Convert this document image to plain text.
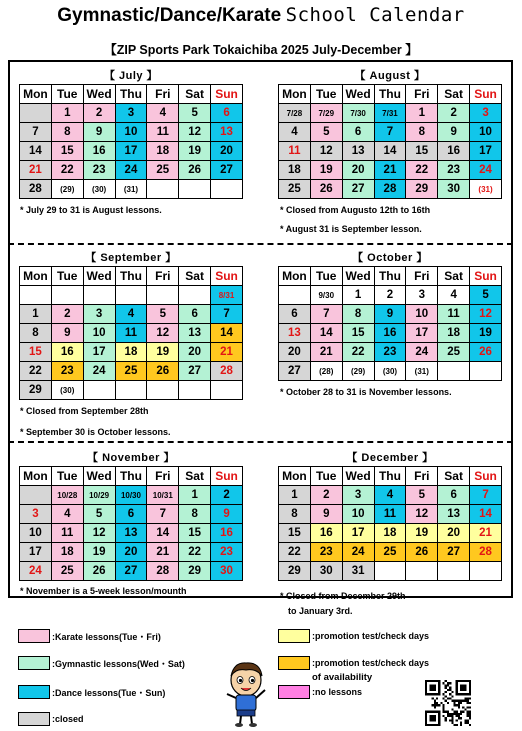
Gymnastic/Dance/Karate School Calendar
【ZIP Sports Park Tokaichiba 2025 July-December 】
【 July 】
Mon	Tue	Wed	Thu	Fri	Sat	Sun
	1	2	3	4	5	6
7	8	9	10	11	12	13
14	15	16	17	18	19	20
21	22	23	24	25	26	27
28	(29)	(30)	(31)			
【 August 】
Mon	Tue	Wed	Thu	Fri	Sat	Sun
7/28	7/29	7/30	7/31	1	2	3
4	5	6	7	8	9	10
11	12	13	14	15	16	17
18	19	20	21	22	23	24
25	26	27	28	29	30	(31)
【 September 】
Mon	Tue	Wed	Thu	Fri	Sat	Sun
						8/31
1	2	3	4	5	6	7
8	9	10	11	12	13	14
15	16	17	18	19	20	21
22	23	24	25	26	27	28
29	(30)					
【 October 】
Mon	Tue	Wed	Thu	Fri	Sat	Sun
	9/30	1	2	3	4	5
6	7	8	9	10	11	12
13	14	15	16	17	18	19
20	21	22	23	24	25	26
27	(28)	(29)	(30)	(31)		
【 November 】
Mon	Tue	Wed	Thu	Fri	Sat	Sun
	10/28	10/29	10/30	10/31	1	2
3	4	5	6	7	8	9
10	11	12	13	14	15	16
17	18	19	20	21	22	23
24	25	26	27	28	29	30
【 December 】
Mon	Tue	Wed	Thu	Fri	Sat	Sun
1	2	3	4	5	6	7
8	9	10	11	12	13	14
15	16	17	18	19	20	21
22	23	24	25	26	27	28
29	30	31				
* July 29 to 31 is August lessons.	* Closed from Augusto 12th to 16th
* August 31 is September lesson.
* Closed from September 28th
* September 30 is October lessons.
* October 28 to 31 is November lessons.
* November is a 5-week lesson/mounth	* Closed from December 29th
to January 3rd.
:Karate lessons(Tue・Fri)
:Gymnastic lessons(Wed・Sat)
:Dance lessons(Tue・Sun)
:closed
:promotion test/check days
:promotion test/check days
of availability
:no lessons
